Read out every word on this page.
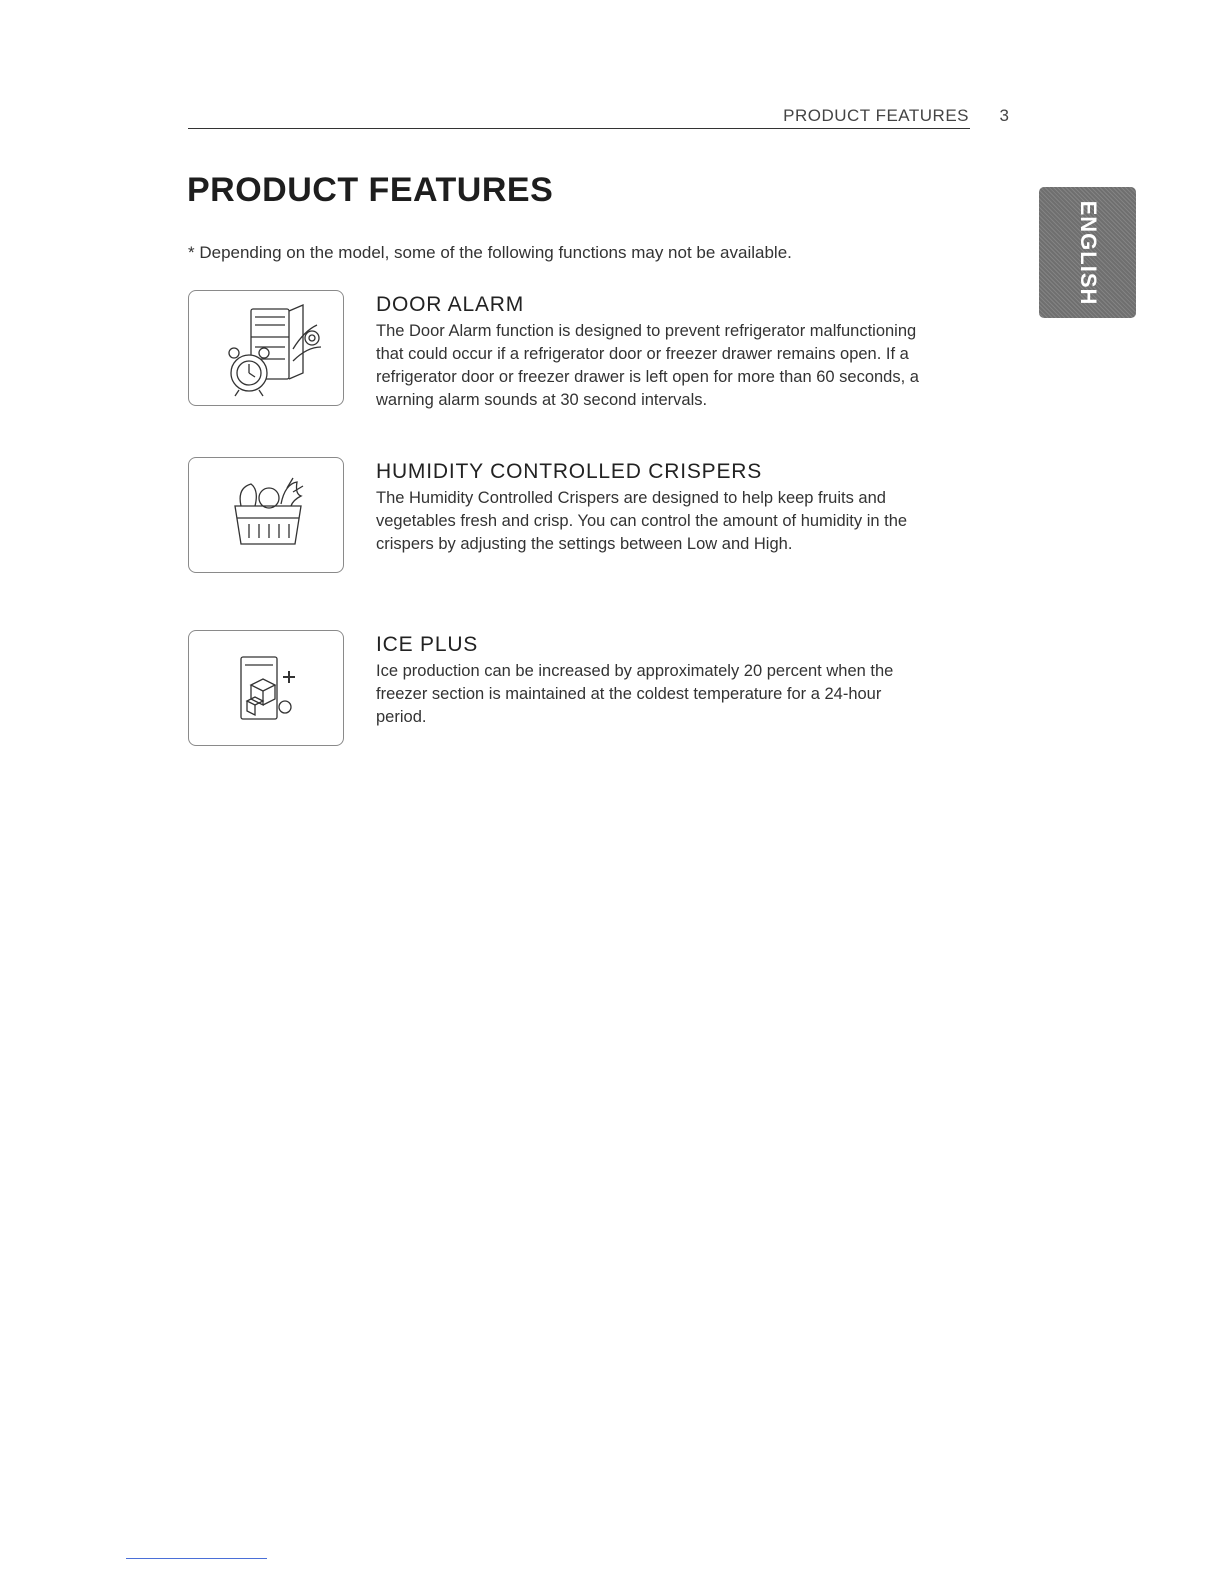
PRODUCT FEATURES 3
PRODUCT FEATURES
* Depending on the model, some of the following functions may not be available.	ENGLISH
DOOR ALARM

The Door Alarm function is designed to prevent refrigerator malfunctioning
that could occur if a refrigerator door or freezer drawer remains open. If a
refrigerator door or freezer drawer is left open for more than 60 seconds, a
warning alarm sounds at 30 second intervals.

HUMIDITY CONTROLLED CRISPERS

The Humidity Controlled Crispers are designed to help keep fruits and
vegetables fresh and crisp. You can control the amount of humidity in the
crispers by adjusting the settings between Low and High.

ICE PLUS

Ice production can be increased by approximately 20 percent when the
freezer section is maintained at the coldest temperature for a 24-hour
period.
